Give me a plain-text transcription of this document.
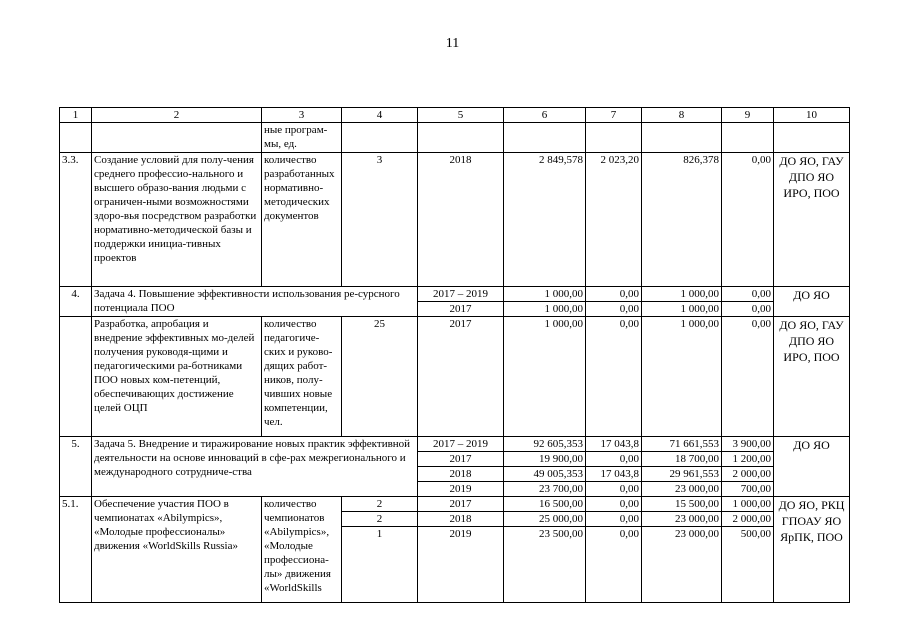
11
1	2	3	4	5	6	7	8	9	10
		ные програм-мы, ед.							
3.3.	Создание условий для полу-чения среднего профессио-нального и высшего образо-вания людьми с ограничен-ными возможностями здоро-вья посредством разработки нормативно-методической базы и поддержки инициа-тивных проектов	количество разработанных нормативно-методических документов	3	2018	2 849,578	2 023,20	826,378	0,00	ДО ЯО, ГАУ ДПО ЯО ИРО, ПОО
4.	Задача 4. Повышение эффективности использования ре-сурсного потенциала ПОО			2017 – 2019	1 000,00	0,00	1 000,00	0,00	ДО ЯО
				2017	1 000,00	0,00	1 000,00	0,00	
	Разработка, апробация и внедрение эффективных мо-делей получения руководя-щими и педагогическими ра-ботниками ПОО новых ком-петенций, обеспечивающих достижение целей ОЦП	количество педагогиче-ских и руково-дящих работ-ников, полу-чивших новые компетенции, чел.	25	2017	1 000,00	0,00	1 000,00	0,00	ДО ЯО, ГАУ ДПО ЯО ИРО, ПОО
5.	Задача 5. Внедрение и тиражирование новых практик эффективной деятельности на основе инноваций в сфе-рах межрегионального и международного сотрудниче-ства			2017 – 2019	92 605,353	17 043,8	71 661,553	3 900,00	ДО ЯО
				2017	19 900,00	0,00	18 700,00	1 200,00	
				2018	49 005,353	17 043,8	29 961,553	2 000,00	
				2019	23 700,00	0,00	23 000,00	700,00	
5.1.	Обеспечение участия ПОО в чемпионатах «Abilympics», «Молодые профессионалы» движения «WorldSkills Russia»	количество чемпионатов «Abilympics», «Молодые профессиона-лы» движения «WorldSkills	2	2017	16 500,00	0,00	15 500,00	1 000,00	ДО ЯО, РКЦ ГПОАУ ЯО ЯрПК, ПОО
			2	2018	25 000,00	0,00	23 000,00	2 000,00	
			1	2019	23 500,00	0,00	23 000,00	500,00	
